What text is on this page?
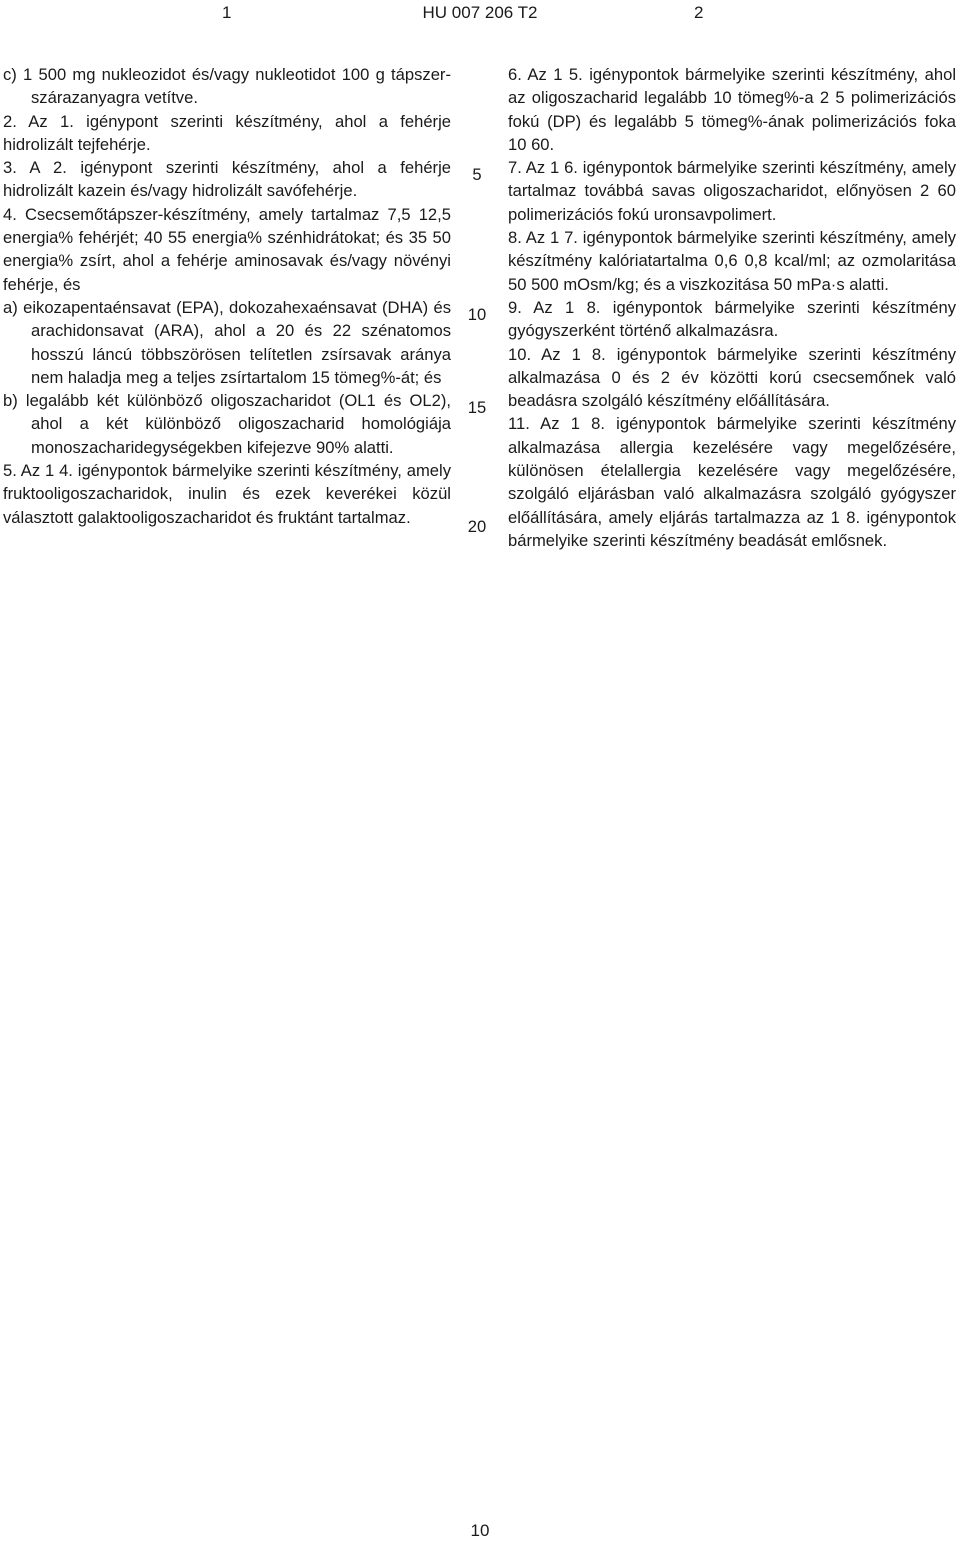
1	HU 007 206 T2	2

c) 1 500 mg nukleozidot és/vagy nukleotidot 100 g tápszer-szárazanyagra vetítve.

2. Az 1. igénypont szerinti készítmény, ahol a fehérje hidrolizált tejfehérje.

3. A 2. igénypont szerinti készítmény, ahol a fehérje hidrolizált kazein és/vagy hidrolizált savófehérje.

4. Csecsemőtápszer-készítmény, amely tartalmaz 7,5 12,5 energia% fehérjét; 40 55 energia% szénhidrátokat; és 35 50 energia% zsírt, ahol a fehérje aminosavak és/vagy növényi fehérje, és

a) eikozapentaénsavat (EPA), dokozahexaénsavat (DHA) és arachidonsavat (ARA), ahol a 20 és 22 szénatomos hosszú láncú többszörösen telítetlen zsírsavak aránya nem haladja meg a teljes zsírtartalom 15 tömeg%-át; és

b) legalább két különböző oligoszacharidot (OL1 és OL2), ahol a két különböző oligoszacharid homológiája monoszacharidegységekben kifejezve 90% alatti.

5. Az 1 4. igénypontok bármelyike szerinti készítmény, amely fruktooligoszacharidok, inulin és ezek keverékei közül választott galaktooligoszacharidot és fruktánt tartalmaz.

5
10
15
20

6. Az 1 5. igénypontok bármelyike szerinti készítmény, ahol az oligoszacharid legalább 10 tömeg%-a 2 5 polimerizációs fokú (DP) és legalább 5 tömeg%-ának polimerizációs foka 10 60.

7. Az 1 6. igénypontok bármelyike szerinti készítmény, amely tartalmaz továbbá savas oligoszacharidot, előnyösen 2 60 polimerizációs fokú uronsavpolimert.

8. Az 1 7. igénypontok bármelyike szerinti készítmény, amely készítmény kalóriatartalma 0,6 0,8 kcal/ml; az ozmolaritása 50 500 mOsm/kg; és a viszkozitása 50 mPa·s alatti.

9. Az 1 8. igénypontok bármelyike szerinti készítmény gyógyszerként történő alkalmazásra.

10. Az 1 8. igénypontok bármelyike szerinti készítmény alkalmazása 0 és 2 év közötti korú csecsemőnek való beadásra szolgáló készítmény előállítására.

11. Az 1 8. igénypontok bármelyike szerinti készítmény alkalmazása allergia kezelésére vagy megelőzésére, különösen ételallergia kezelésére vagy megelőzésére, szolgáló eljárásban való alkalmazásra szolgáló gyógyszer előállítására, amely eljárás tartalmazza az 1 8. igénypontok bármelyike szerinti készítmény beadását emlősnek.

10
